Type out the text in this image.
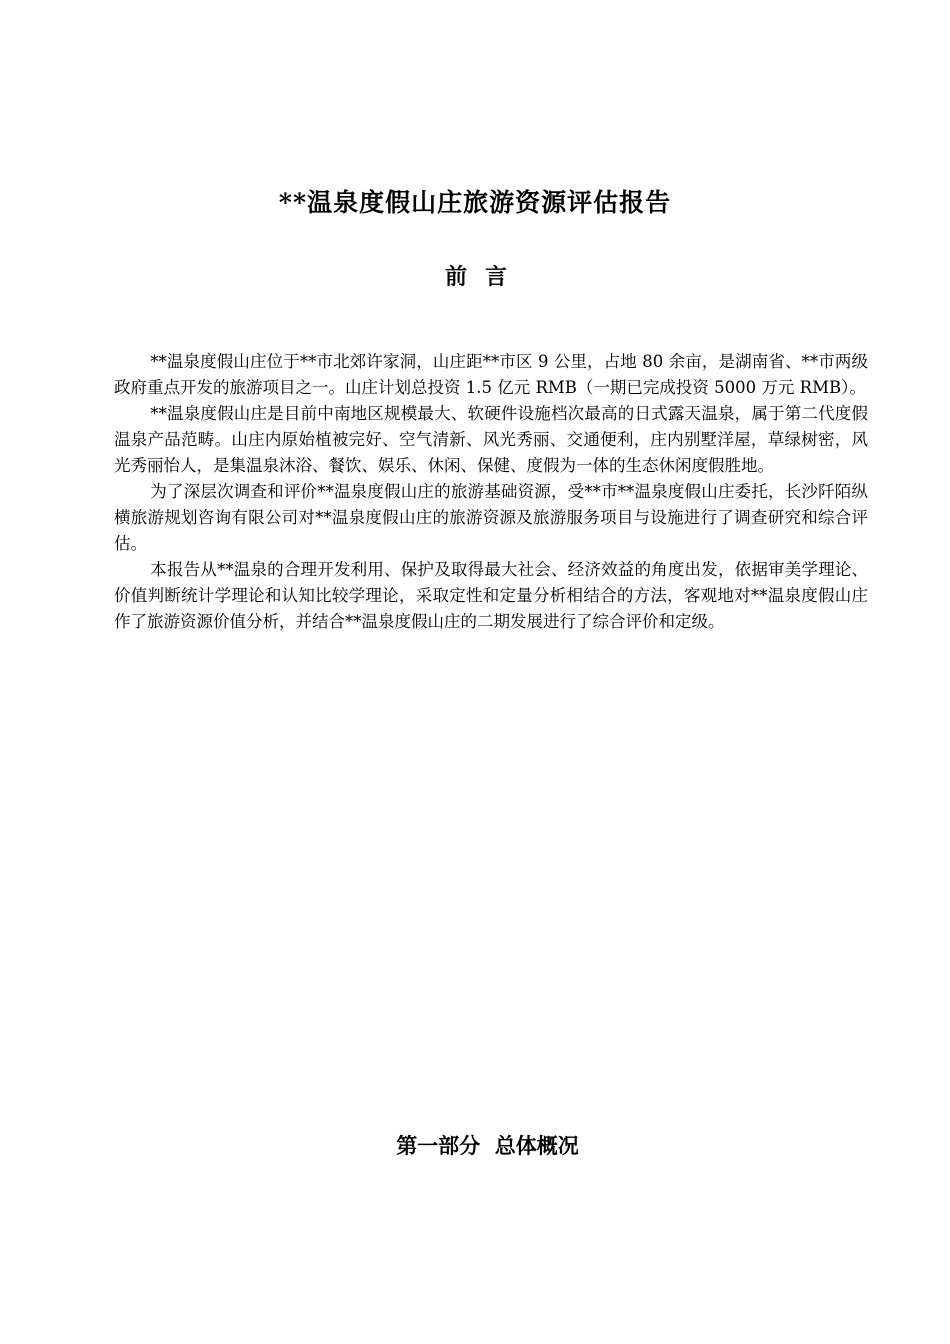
**温泉度假山庄旅游资源评估报告
前言

**温泉度假山庄位于**市北郊许家洞，山庄距**市区 9 公里，占地 80 余亩，是湖南省、**市两级政府重点开发的旅游项目之一。山庄计划总投资 1.5 亿元 RMB（一期已完成投资 5000 万元 RMB）。

**温泉度假山庄是目前中南地区规模最大、软硬件设施档次最高的日式露天温泉，属于第二代度假温泉产品范畴。山庄内原始植被完好、空气清新、风光秀丽、交通便利，庄内别墅洋屋，草绿树密，风光秀丽怡人，是集温泉沐浴、餐饮、娱乐、休闲、保健、度假为一体的生态休闲度假胜地。

为了深层次调查和评价**温泉度假山庄的旅游基础资源，受**市**温泉度假山庄委托，长沙阡陌纵横旅游规划咨询有限公司对**温泉度假山庄的旅游资源及旅游服务项目与设施进行了调查研究和综合评估。

本报告从**温泉的合理开发利用、保护及取得最大社会、经济效益的角度出发，依据审美学理论、价值判断统计学理论和认知比较学理论，采取定性和定量分析相结合的方法，客观地对**温泉度假山庄作了旅游资源价值分析，并结合**温泉度假山庄的二期发展进行了综合评价和定级。

第一部分  总体概况
